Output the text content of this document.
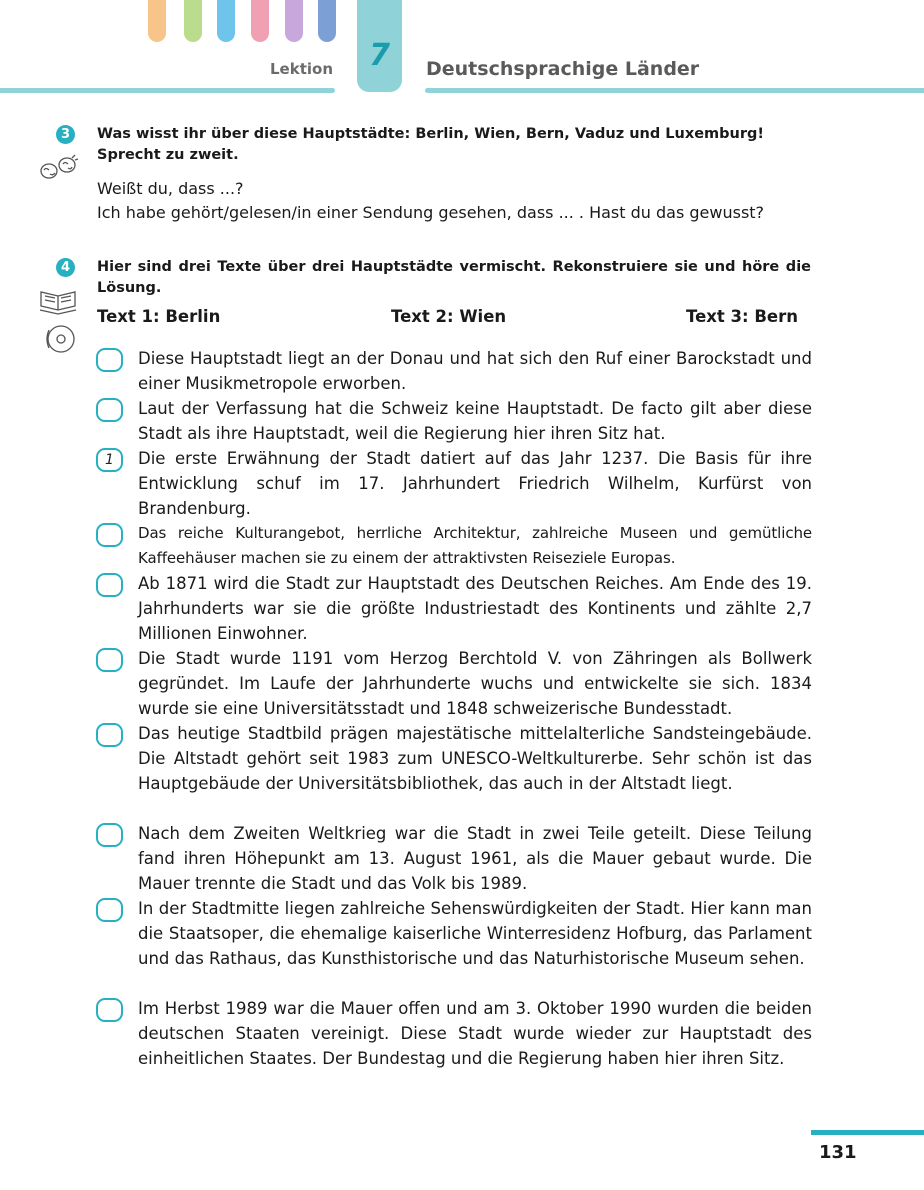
Lektion	7	Deutschsprachige Länder
3	Was wisst ihr über diese Hauptstädte: Berlin, Wien, Bern, Vaduz und Luxemburg!
Sprecht zu zweit.
Weißt du, dass ...?
Ich habe gehört/gelesen/in einer Sendung gesehen, dass ... . Hast du das gewusst?
4	Hier sind drei Texte über drei Hauptstädte vermischt. Rekonstruiere sie und höre die Lösung.
Text 1: Berlin	Text 2: Wien	Text 3: Bern
Diese Hauptstadt liegt an der Donau und hat sich den Ruf einer Barockstadt und einer Musikmetropole erworben.
Laut der Verfassung hat die Schweiz keine Hauptstadt. De facto gilt aber diese Stadt als ihre Hauptstadt, weil die Regierung hier ihren Sitz hat.
1	Die erste Erwähnung der Stadt datiert auf das Jahr 1237. Die Basis für ihre Entwicklung schuf im 17. Jahrhundert Friedrich Wilhelm, Kurfürst von Brandenburg.
Das reiche Kulturangebot, herrliche Architektur, zahlreiche Museen und gemütliche Kaffeehäuser machen sie zu einem der attraktivsten Reiseziele Europas.
Ab 1871 wird die Stadt zur Hauptstadt des Deutschen Reiches. Am Ende des 19. Jahrhunderts war sie die größte Industriestadt des Kontinents und zählte 2,7 Millionen Einwohner.
Die Stadt wurde 1191 vom Herzog Berchtold V. von Zähringen als Bollwerk gegründet. Im Laufe der Jahrhunderte wuchs und entwickelte sie sich. 1834 wurde sie eine Universitätsstadt und 1848 schweizerische Bundesstadt.
Das heutige Stadtbild prägen majestätische mittelalterliche Sandsteingebäude. Die Altstadt gehört seit 1983 zum UNESCO-Weltkulturerbe. Sehr schön ist das Hauptgebäude der Universitätsbibliothek, das auch in der Altstadt liegt.
Nach dem Zweiten Weltkrieg war die Stadt in zwei Teile geteilt. Diese Teilung fand ihren Höhepunkt am 13. August 1961, als die Mauer gebaut wurde. Die Mauer trennte die Stadt und das Volk bis 1989.
In der Stadtmitte liegen zahlreiche Sehenswürdigkeiten der Stadt. Hier kann man die Staatsoper, die ehemalige kaiserliche Winterresidenz Hofburg, das Parlament und das Rathaus, das Kunsthistorische und das Naturhistorische Museum sehen.
Im Herbst 1989 war die Mauer offen und am 3. Oktober 1990 wurden die beiden deutschen Staaten vereinigt. Diese Stadt wurde wieder zur Hauptstadt des einheitlichen Staates. Der Bundestag und die Regierung haben hier ihren Sitz.
131
